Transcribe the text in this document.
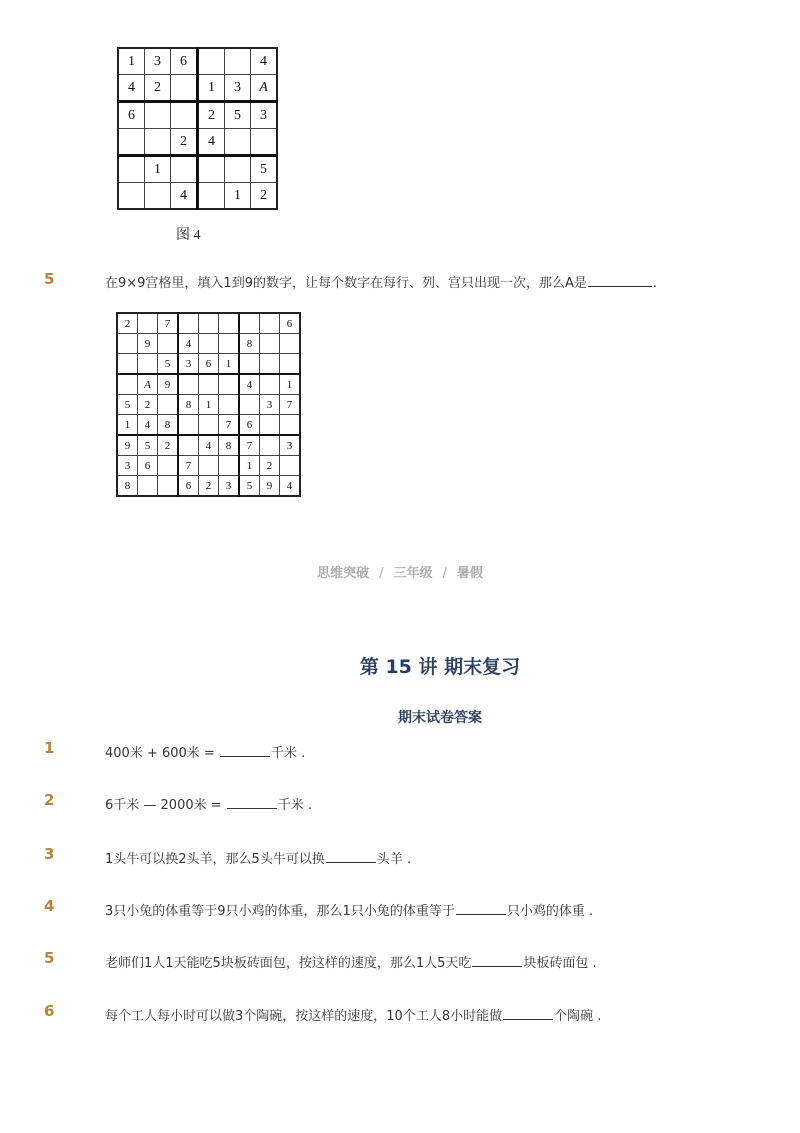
1	3	6			4
4	2		1	3	A
6			2	5	3
		2	4		
	1				5
		4		1	2
图 4
5	在9×9宫格里，填入1到9的数字，让每个数字在每行、列、宫只出现一次，那么A是	.
2		7						6
	9		4			8		
		5	3	6	1			
	A	9				4		1
5	2		8	1			3	7
1	4	8			7	6		
9	5	2		4	8	7		3
3	6		7			1	2	
8			6	2	3	5	9	4
思维突破 / 三年级 / 暑假
第 15 讲 期末复习
期末试卷答案
1	400米 + 600米 =	千米 .
2	6千米 — 2000米 =	千米 .
3	1头牛可以换2头羊，那么5头牛可以换	头羊 .
4	3只小兔的体重等于9只小鸡的体重，那么1只小兔的体重等于	只小鸡的体重 .
5	老师们1人1天能吃5块板砖面包，按这样的速度，那么1人5天吃	块板砖面包 .
6	每个工人每小时可以做3个陶碗，按这样的速度，10个工人8小时能做	个陶碗 .
